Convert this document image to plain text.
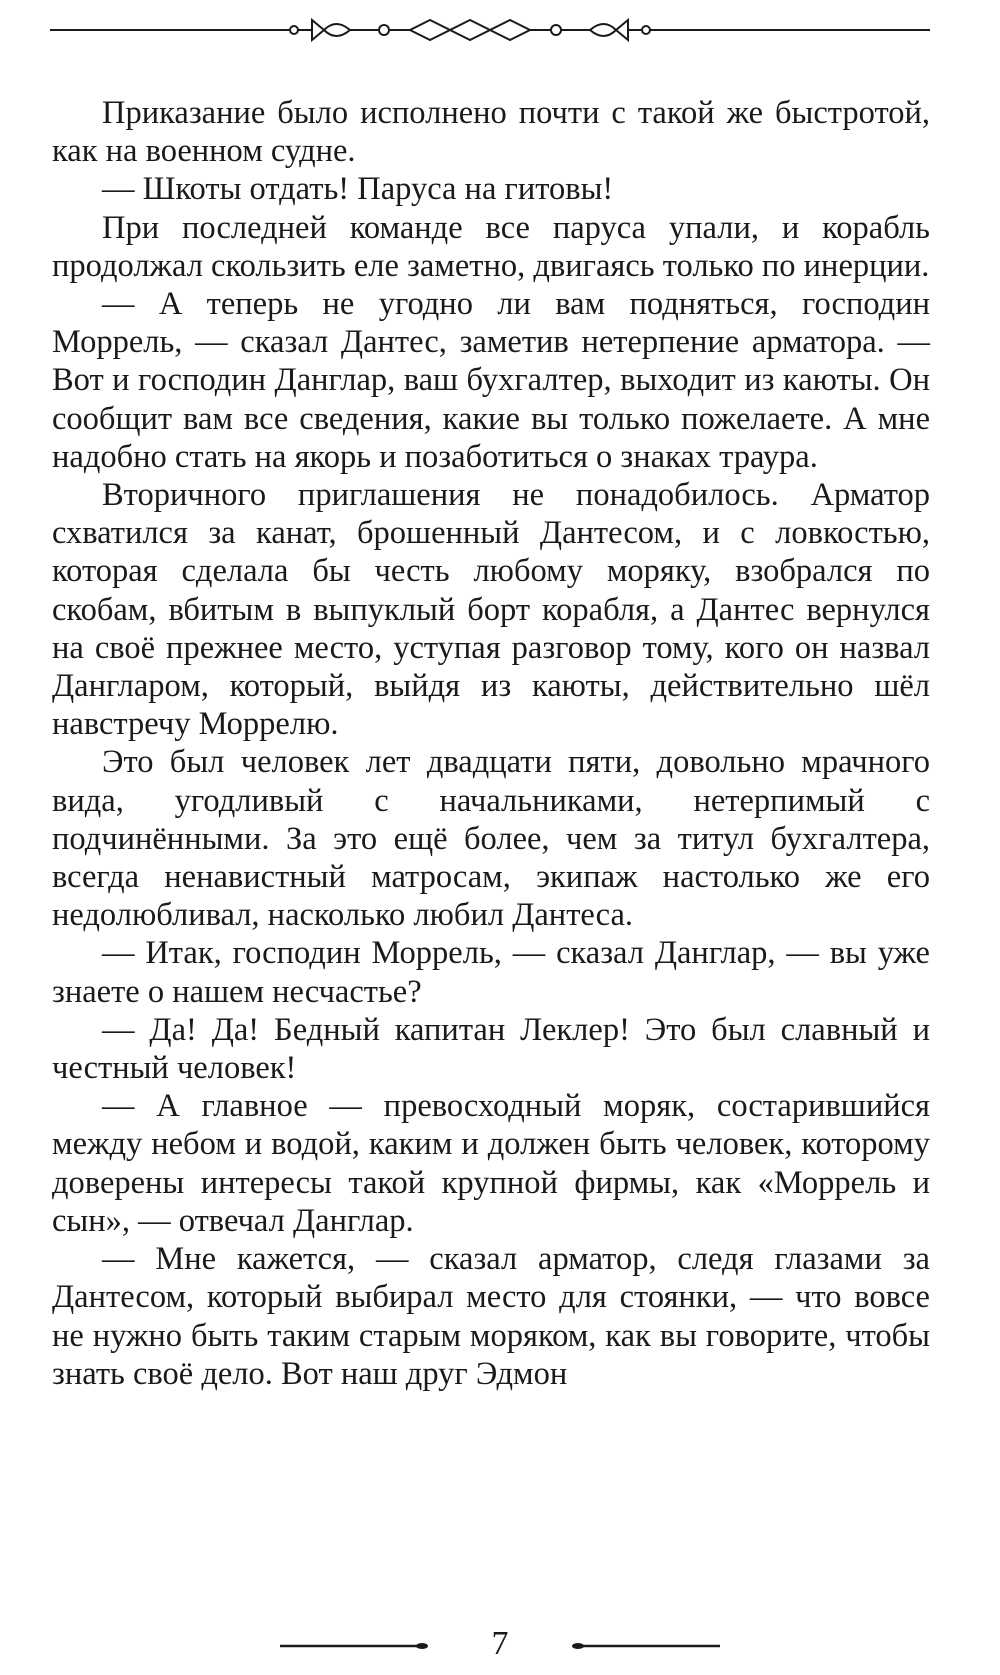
Приказание было исполнено почти с такой же быстротой, как на военном судне.

— Шкоты отдать! Паруса на гитовы!

При последней команде все паруса упали, и корабль продолжал скользить еле заметно, двигаясь только по инерции.

— А теперь не угодно ли вам подняться, господин Моррель, — сказал Дантес, заметив нетерпение арматора. — Вот и господин Данглар, ваш бухгалтер, выходит из каюты. Он сообщит вам все сведения, какие вы только пожелаете. А мне надобно стать на якорь и позаботиться о знаках траура.

Вторичного приглашения не понадобилось. Арматор схватился за канат, брошенный Дантесом, и с ловкостью, которая сделала бы честь любому моряку, взобрался по скобам, вбитым в выпуклый борт корабля, а Дантес вернулся на своё прежнее место, уступая разговор тому, кого он назвал Дангларом, который, выйдя из каюты, действительно шёл навстречу Моррелю.

Это был человек лет двадцати пяти, довольно мрачного вида, угодливый с начальниками, нетерпимый с подчинёнными. За это ещё более, чем за титул бухгалтера, всегда ненавистный матросам, экипаж настолько же его недолюбливал, насколько любил Дантеса.

— Итак, господин Моррель, — сказал Данглар, — вы уже знаете о нашем несчастье?

— Да! Да! Бедный капитан Леклер! Это был славный и честный человек!

— А главное — превосходный моряк, состарившийся между небом и водой, каким и должен быть человек, которому доверены интересы такой крупной фирмы, как «Моррель и сын», — отвечал Данглар.

— Мне кажется, — сказал арматор, следя глазами за Дантесом, который выбирал место для стоянки, — что вовсе не нужно быть таким старым моряком, как вы говорите, чтобы знать своё дело. Вот наш друг Эдмон

7
